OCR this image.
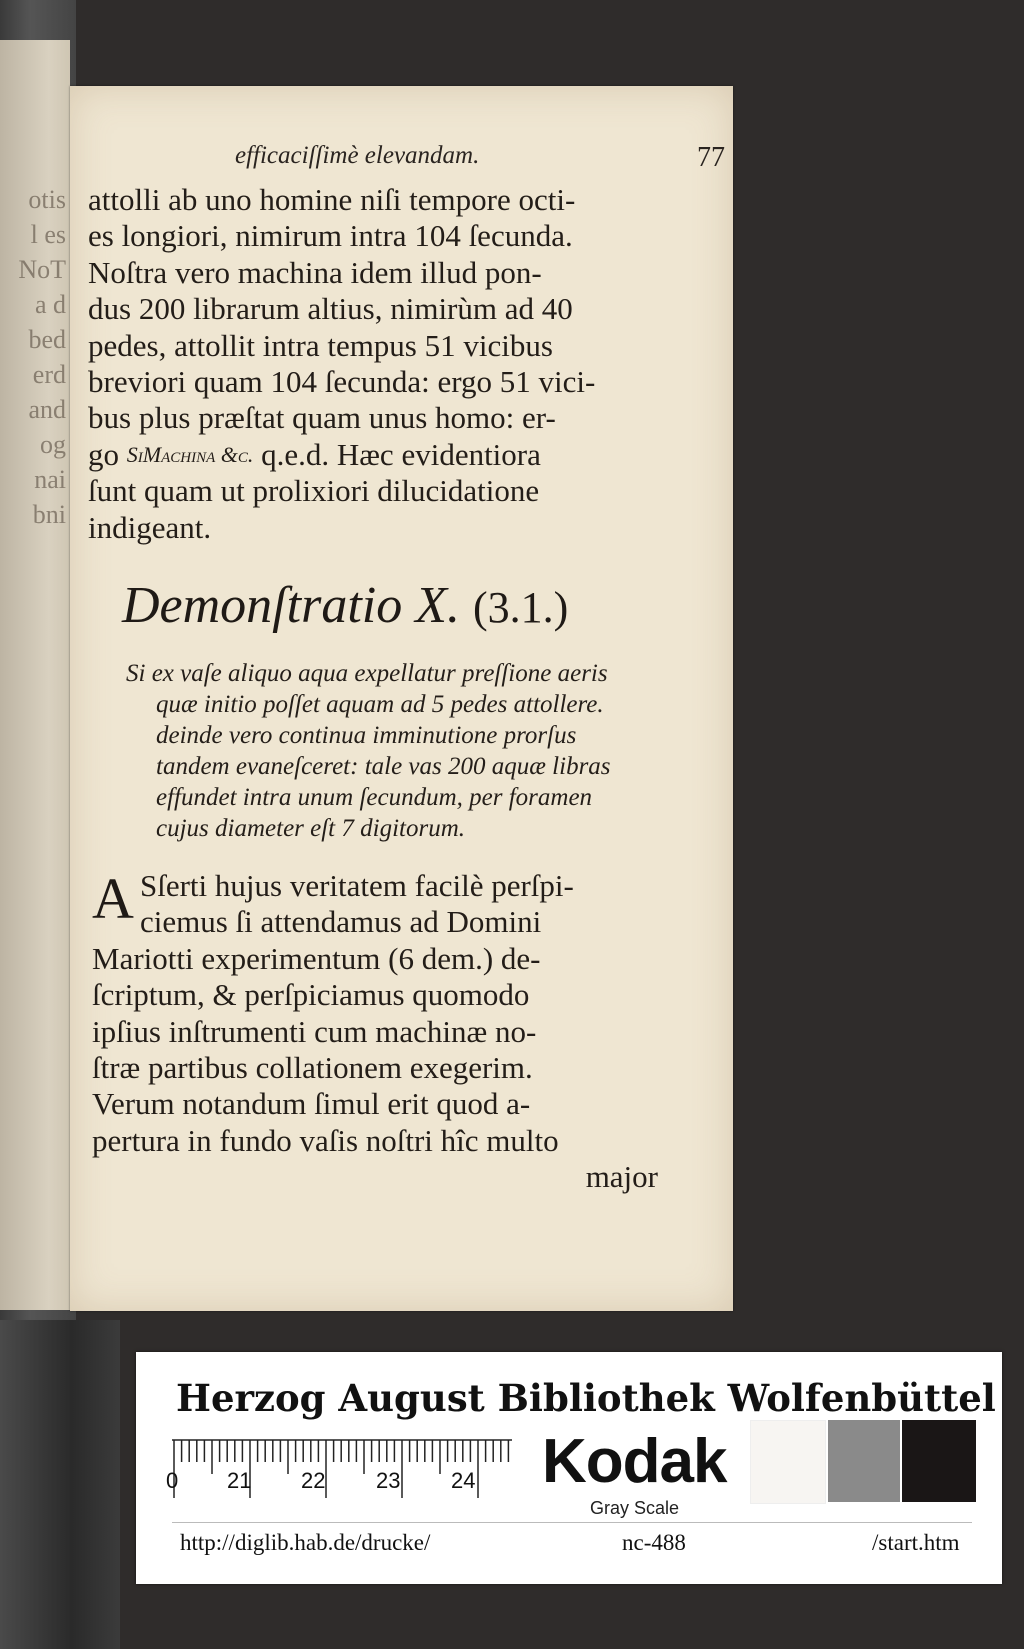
otis
l es
NoT
a d
bed
erd
and
og
nai
bni
efficaciſſimè elevandam.	77
attolli ab uno homine niſi tempore octi-
es longiori, nimirum intra 104 ſecunda.
Noſtra vero machina idem illud pon-
dus 200 librarum altius, nimirùm ad 40
pedes, attollit intra tempus 51 vicibus
breviori quam 104 ſecunda: ergo 51 vici-
bus plus præſtat quam unus homo: er-
go
SiMachina &c.
q.e.d. Hæc evidentiora
ſunt quam ut prolixiori dilucidatione
indigeant.
Demonſtratio X. (3.1.)
Si ex vaſe aliquo aqua expellatur preſſione aeris
quæ initio poſſet aquam ad 5 pedes attollere.
deinde vero continua imminutione prorſus
tandem evaneſceret: tale vas 200 aquæ libras
effundet intra unum ſecundum, per foramen
cujus diameter eſt 7 digitorum.
A Sſerti hujus veritatem facilè perſpi-
ciemus ſi attendamus ad Domini
Mariotti experimentum (6 dem.) de-
ſcriptum, & perſpiciamus quomodo
ipſius inſtrumenti cum machinæ no-
ſtræ partibus collationem exegerim.
Verum notandum ſimul erit quod a-
pertura in fundo vaſis noſtri hîc multo
major
Herzog August Bibliothek Wolfenbüttel
0 21 22 23 24 Kodak
Gray Scale
http://diglib.hab.de/drucke/	nc-488	/start.htm
